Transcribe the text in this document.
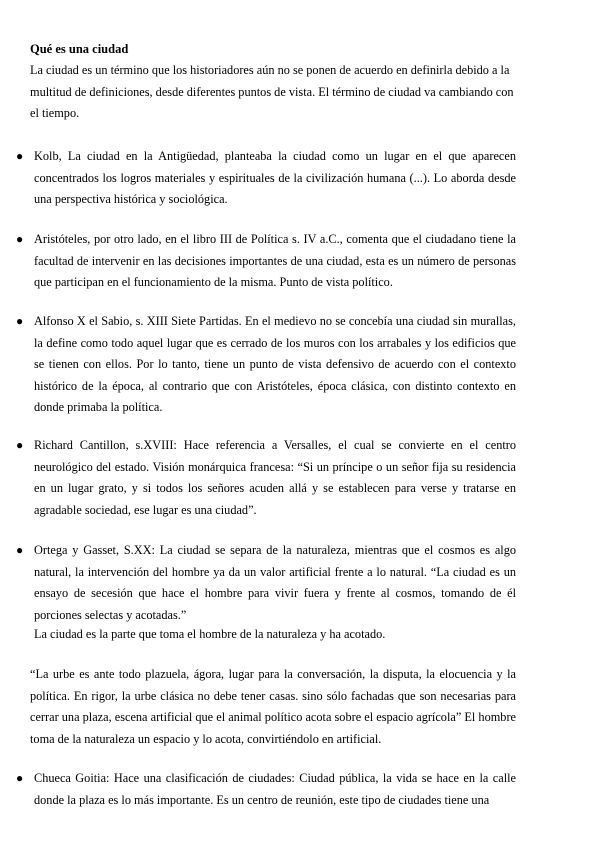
Qué es una ciudad
La ciudad es un término que los historiadores aún no se ponen de acuerdo en definirla debido a la multitud de definiciones, desde diferentes puntos de vista. El término de ciudad va cambiando con el tiempo.
● Kolb, La ciudad en la Antigüedad, planteaba la ciudad como un lugar en el que aparecen concentrados los logros materiales y espirituales de la civilización humana (...). Lo aborda desde una perspectiva histórica y sociológica.
● Aristóteles, por otro lado, en el libro III de Política s. IV a.C., comenta que el ciudadano tiene la facultad de intervenir en las decisiones importantes de una ciudad, esta es un número de personas que participan en el funcionamiento de la misma. Punto de vista político.
● Alfonso X el Sabio, s. XIII Siete Partidas. En el medievo no se concebía una ciudad sin murallas, la define como todo aquel lugar que es cerrado de los muros con los arrabales y los edificios que se tienen con ellos. Por lo tanto, tiene un punto de vista defensivo de acuerdo con el contexto histórico de la época, al contrario que con Aristóteles, época clásica, con distinto contexto en donde primaba la política.
● Richard Cantillon, s.XVIII: Hace referencia a Versalles, el cual se convierte en el centro neurológico del estado. Visión monárquica francesa: “Si un príncipe o un señor fija su residencia en un lugar grato, y si todos los señores acuden allá y se establecen para verse y tratarse en agradable sociedad, ese lugar es una ciudad”.
● Ortega y Gasset, S.XX: La ciudad se separa de la naturaleza, mientras que el cosmos es algo natural, la intervención del hombre ya da un valor artificial frente a lo natural. “La ciudad es un ensayo de secesión que hace el hombre para vivir fuera y frente al cosmos, tomando de él porciones selectas y acotadas.”
La ciudad es la parte que toma el hombre de la naturaleza y ha acotado.
“La urbe es ante todo plazuela, ágora, lugar para la conversación, la disputa, la elocuencia y la política. En rigor, la urbe clásica no debe tener casas. sino sólo fachadas que son necesarias para cerrar una plaza, escena artificial que el animal político acota sobre el espacio agrícola” El hombre toma de la naturaleza un espacio y lo acota, convirtiéndolo en artificial.
● Chueca Goitia: Hace una clasificación de ciudades: Ciudad pública, la vida se hace en la calle donde la plaza es lo más importante. Es un centro de reunión, este tipo de ciudades tiene una
